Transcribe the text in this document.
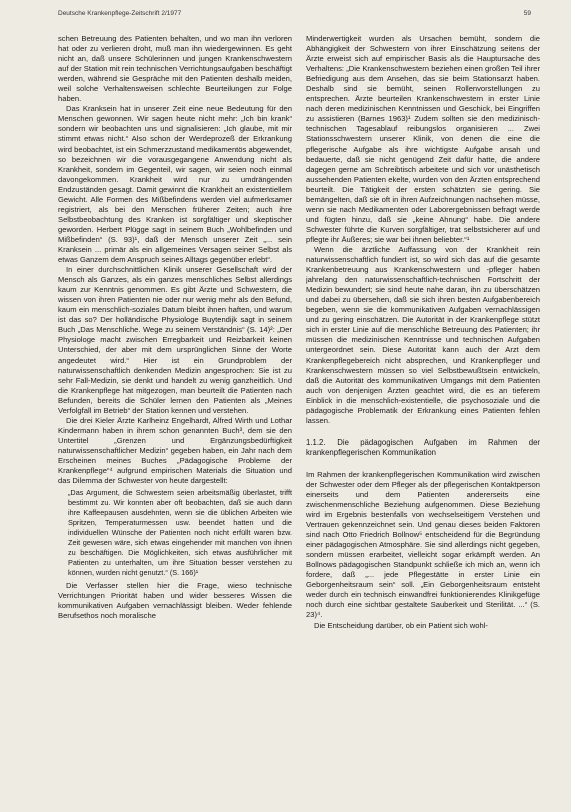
Deutsche Krankenpflege-Zeitschrift 2/1977	59

schen Betreuung des Patienten behalten, und wo man ihn verloren hat oder zu verlieren droht, muß man ihn wiedergewinnen. Es geht nicht an, daß unsere Schülerinnen und jungen Krankenschwestern auf der Station mit rein technischen Verrichtungsaufgaben beschäftigt werden, während sie Gespräche mit den Patienten deshalb meiden, weil solche Verhaltensweisen schlechte Beurteilungen zur Folge haben.

Das Kranksein hat in unserer Zeit eine neue Bedeutung für den Menschen gewonnen. Wir sagen heute nicht mehr: „Ich bin krank“ sondern wir beobachten uns und signalisieren: „Ich glaube, mit mir stimmt etwas nicht.“ Also schon der Werdeprozeß der Erkrankung wird beobachtet, ist ein Schmerzzustand medikamentös abgewendet, so bezeichnen wir die vorausgegangene Anwendung nicht als Krankheit, sondern im Gegenteil, wir sagen, wir seien noch einmal davongekommen. Krankheit wird nur zu umdrängenden Endzuständen gesagt. Damit gewinnt die Krankheit an existentiellem Gewicht. Alle Formen des Mißbefindens werden viel aufmerksamer registriert, als bei den Menschen früherer Zeiten; auch ihre Selbstbeobachtung des Kranken ist sorgfältiger und skeptischer geworden. Herbert Plügge sagt in seinem Buch „Wohlbefinden und Mißbefinden“ (S. 93)¹, daß der Mensch unserer Zeit „... sein Kranksein ... primär als ein allgemeines Versagen seiner Selbst als etwas Ganzem dem Anspruch seines Alltags gegenüber erlebt“.

In einer durchschnittlichen Klinik unserer Gesellschaft wird der Mensch als Ganzes, als ein ganzes menschliches Selbst allerdings kaum zur Kenntnis genommen. Es gibt Ärzte und Schwestern, die wissen von ihren Patienten nie oder nur wenig mehr als den Befund, kaum ein menschlich-soziales Datum bleibt ihnen haften, und warum ist das so? Der holländische Physiologe Buytendijk sagt in seinem Buch „Das Menschliche. Wege zu seinem Verständnis“ (S. 14)²: „Der Physiologe macht zwischen Erregbarkeit und Reizbarkeit keinen Unterschied, der aber mit dem ursprünglichen Sinne der Worte angedeutet wird.“ Hier ist ein Grundproblem der naturwissenschaftlich denkenden Medizin angesprochen: Sie ist zu sehr Fall-Medizin, sie denkt und handelt zu wenig ganzheitlich. Und die Krankenpflege hat mitgezogen, man beurteilt die Patienten nach Befunden, bereits die Schüler lernen den Patienten als „Meines Verfolgfall im Betrieb“ der Station kennen und verstehen.

Die drei Kieler Ärzte Karlheinz Engelhardt, Alfred Wirth und Lothar Kindermann haben in ihrem schon genannten Buch³, dem sie den Untertitel „Grenzen und Ergänzungsbedürftigkeit naturwissenschaftlicher Medizin“ gegeben haben, ein Jahr nach dem Erscheinen meines Buches „Pädagogische Probleme der Krankenpflege“⁴ aufgrund empirischen Materials die Situation und das Dilemma der Schwester von heute dargestellt:

„Das Argument, die Schwestern seien arbeitsmäßig überlastet, trifft bestimmt zu. Wir konnten aber oft beobachten, daß sie auch dann ihre Kaffeepausen ausdehnten, wenn sie die üblichen Arbeiten wie Spritzen, Temperaturmessen usw. beendet hatten und die individuellen Wünsche der Patienten noch nicht erfüllt waren bzw. Zeit gewesen wäre, sich etwas eingehender mit manchen von ihnen zu beschäftigen. Die Möglichkeiten, sich etwas ausführlicher mit Patienten zu unterhalten, um ihre Situation besser verstehen zu können, wurden nicht genutzt.“ (S. 166)¹

Die Verfasser stellen hier die Frage, wieso technische Verrichtungen Priorität haben und wider besseres Wissen die kommunikativen Aufgaben vernachlässigt bleiben. Weder fehlende Berufsethos noch moralische

Minderwertigkeit wurden als Ursachen bemüht, sondern die Abhängigkeit der Schwestern von ihrer Einschätzung seitens der Ärzte erweist sich auf empirischer Basis als die Hauptursache des Verhaltens: „Die Krankenschwestern beziehen einen großen Teil ihrer Befriedigung aus dem Ansehen, das sie beim Stationsarzt haben. Deshalb sind sie bemüht, seinen Rollenvorstellungen zu entsprechen. Ärzte beurteilen Krankenschwestern in erster Linie nach deren medizinischen Kenntnissen und Geschick, bei Eingriffen zu assistieren (Barnes 1963)¹ Zudem sollten sie den medizinisch-technischen Tagesablauf reibungslos organisieren ... Zwei Stationsschwestern unserer Klinik, von denen die eine die pflegerische Aufgabe als ihre wichtigste Aufgabe ansah und bedauerte, daß sie nicht genügend Zeit dafür hatte, die andere dagegen gerne am Schreibtisch arbeitete und sich vor unästhetisch aussehenden Patienten ekelte, wurden von den Ärzten entsprechend beurteilt. Die Tätigkeit der ersten schätzten sie gering. Sie bemängelten, daß sie oft in ihren Aufzeichnungen nachsehen müsse, wenn sie nach Medikamenten oder Laborergebnissen befragt werde und fügten hinzu, daß sie „keine Ahnung“ habe. Die andere Schwester führte die Kurven sorgfältiger, trat selbstsicherer auf und pflegte ihr Äußeres; sie war bei ihnen beliebter.“¹

Wenn die ärztliche Auffassung von der Krankheit rein naturwissenschaftlich fundiert ist, so wird sich das auf die gesamte Krankenbetreuung aus Krankenschwestern und -pfleger haben jahrelang den naturwissenschaftlich-technischen Fortschritt der Medizin bewundert; sie sind heute nahe daran, ihn zu überschätzen und dabei zu übersehen, daß sie sich ihren besten Aufgabenbereich begeben, wenn sie die kommunikativen Aufgaben vernachlässigen und zu gering einschätzen. Die Autorität in der Krankenpflege stützt sich in erster Linie auf die menschliche Betreuung des Patienten; ihr müssen die medizinischen Kenntnisse und technischen Aufgaben untergeordnet sein. Diese Autorität kann auch der Arzt dem Krankenpflegebereich nicht absprechen, und Krankenpfleger und Krankenschwestern müssen so viel Selbstbewußtsein entwickeln, daß die Autorität des kommunikativen Umgangs mit dem Patienten auch von denjenigen Ärzten geachtet wird, die es an tieferem Einblick in die menschlich-existentielle, die psychosoziale und die pädagogische Problematik der Erkrankung eines Patienten fehlen lassen.

1.1.2. Die pädagogischen Aufgaben im Rahmen der krankenpflegerischen Kommunikation

Im Rahmen der krankenpflegerischen Kommunikation wird zwischen der Schwester oder dem Pfleger als der pflegerischen Kontaktperson einerseits und dem Patienten andererseits eine zwischenmenschliche Beziehung aufgenommen. Diese Beziehung wird im Ergebnis bestenfalls von wechselseitigem Verstehen und Vertrauen gekennzeichnet sein. Und genau dieses beiden Faktoren sind nach Otto Friedrich Bollnow⁵ entscheidend für die Begründung einer pädagogischen Atmosphäre. Sie sind allerdings nicht gegeben, sondern müssen erarbeitet, vielleicht sogar erkämpft werden. An Bollnows pädagogischen Standpunkt schließe ich mich an, wenn ich fordere, daß „... jede Pflegestätte in erster Linie ein Geborgenheitsraum sein“ soll. „Ein Geborgenheitsraum entsteht weder durch ein technisch einwandfrei funktionierendes Klinikgefüge noch durch eine sichtbar gestaltete Sauberkeit und Sterilität. ...“ (S. 23)⁴.

Die Entscheidung darüber, ob ein Patient sich wohl-
